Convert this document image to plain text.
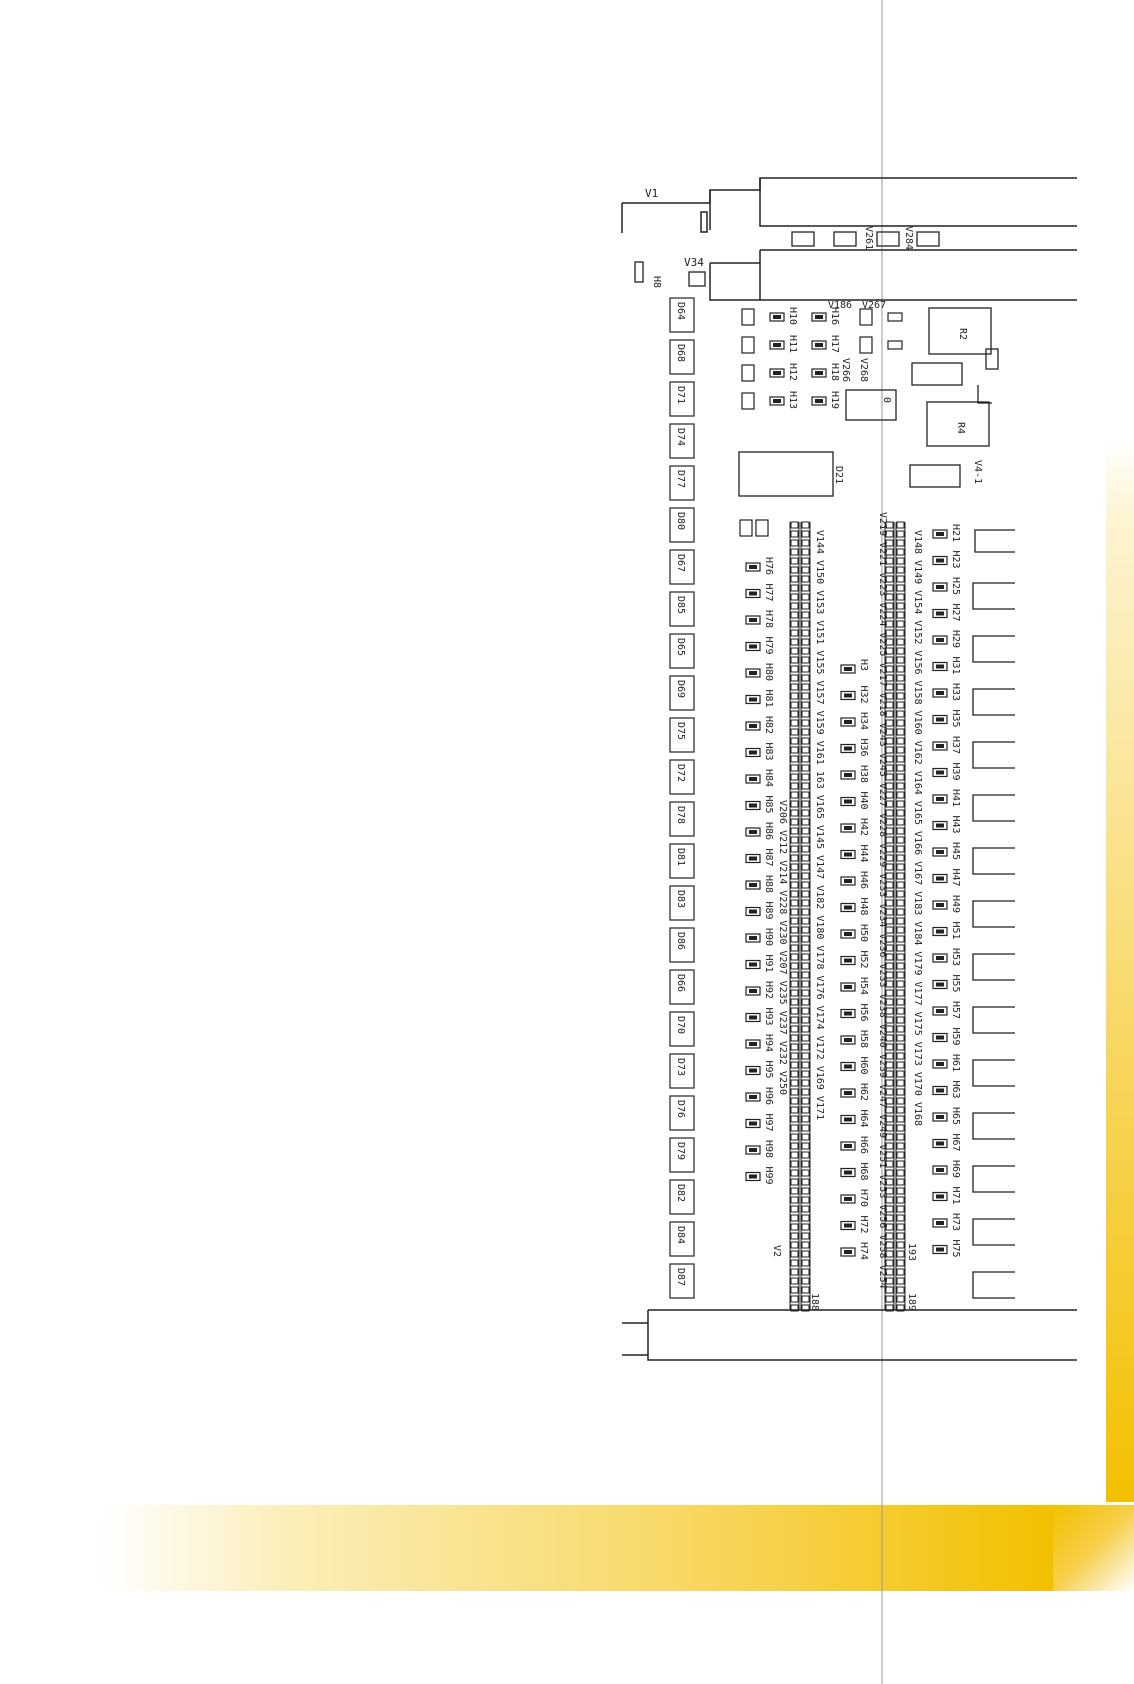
V1
V34
R2
R4
D21
0
V4-1
V186 V267
V261	V284
V266 V268
H8
D64
D68
D71
D74
D77
D80
D67
D85
D65
D69
D75
D72
D78
D81
D83
D86
D66
D70
D73
D76
D79
D82
D84
D87
H21
H23
H25
H27
H29
H31
H33
H35
H37
H39
H41
H43
H45
H47
H49
H51
H53
H55
H57
H59
H61
H63
H65
H67
H69
H71
H73
H75
H3
H32
H34
H36
H38
H40
H42
H44
H46
H48
H50
H52
H54
H56
H58
H60
H62
H64
H66
H68
H70
H72
H74
H76
H77
H78
H79
H80
H81
H82
H83
H84
H85
H86
H87
H88
H89
H90
H91
H92
H93
H94
H95
H96
H97
H98
H99
H10
H11
H12
H13
H16
H17
H18
H19
V148 V149 V154 V152 V156 V158 V160 V162 V164 V165 V166 V167 V183 V184 V179 V177 V175 V173 V170 V168
V219 V221 V223 V224 V225 V217 V218 V243 V245 V227 V228 V229 V233 V234 V236 V233 V238 V240 V239 V247 V249 V251 V253 V256 V258 V254
V144 V150 V153 V151 V155 V157 V159 V161 163 V165 V145 V147 V182 V180 V178 V176 V174 V172 V169 V171
V206 V212 V214 V228 V230 V207 V235 V237 V232 V250
V2
188	189
193
